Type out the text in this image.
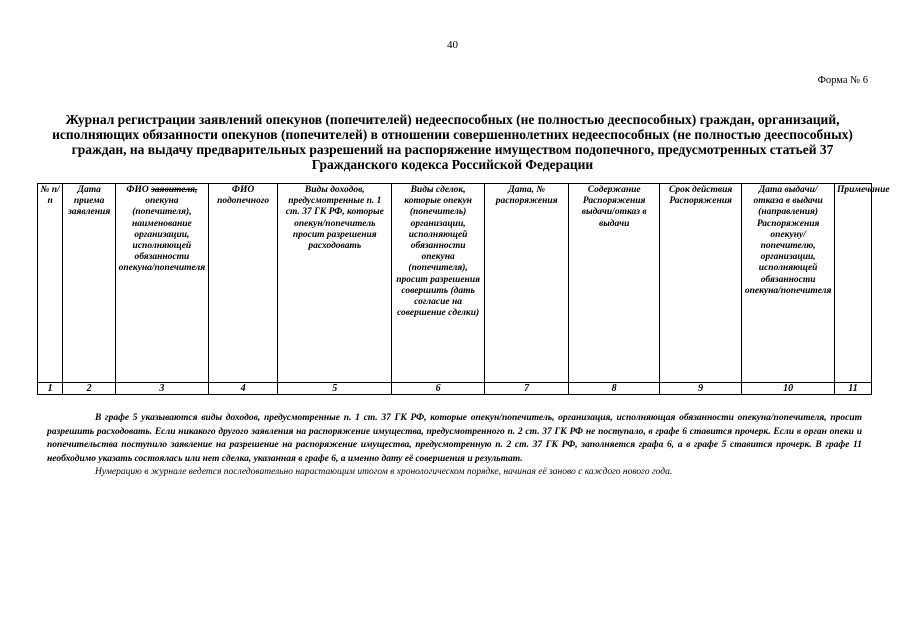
40
Форма № 6
Журнал регистрации заявлений опекунов (попечителей) недееспособных (не полностью дееспособных) граждан, организаций, исполняющих обязанности опекунов (попечителей) в отношении совершеннолетних недееспособных (не полностью дееспособных) граждан, на выдачу предварительных разрешений на распоряжение имуществом подопечного, предусмотренных статьей 37 Гражданского кодекса Российской Федерации
№ п/п	Дата приема заявления	ФИО заявителя, опекуна (попечителя), наименование организации, исполняющей обязанности опекуна/попечителя	ФИО подопечного	Виды доходов, предусмотренные п. 1 ст. 37 ГК РФ, которые опекун/попечитель просит разрешения расходовать	Виды сделок, которые опекун (попечитель) организации, исполняющей обязанности опекуна (попечителя), просит разрешения совершить (дать согласие на совершение сделки)	Дата, № распоряжения	Содержание Распоряжения выдачи/отказ в выдачи	Срок действия Распоряжения	Дата выдачи/отказа в выдачи (направления) Распоряжения опекуну/ попечителю, организации, исполняющей обязанности опекуна/попечителя	Примечание
1	2	3	4	5	6	7	8	9	10	11

В графе 5 указываются виды доходов, предусмотренные п. 1 ст. 37 ГК РФ, которые опекун/попечитель, организация, исполняющая обязанности опекуна/попечителя, просит разрешить расходовать. Если никакого другого заявления на распоряжение имущества, предусмотренного п. 2 ст. 37 ГК РФ не поступало, в графе 6 ставится прочерк. Если в орган опеки и попечительства поступило заявление на разрешение на распоряжение имущества, предусмотренную п. 2 ст. 37 ГК РФ, заполняется графа 6, а в графе 5 ставится прочерк. В графе 11 необходимо указать состоялась или нет сделка, указанная в графе 6, а именно дату её совершения и результат.

Нумерацию в журнале ведется последовательно нарастающим итогом в хронологическом порядке, начиная её заново с каждого нового года.
